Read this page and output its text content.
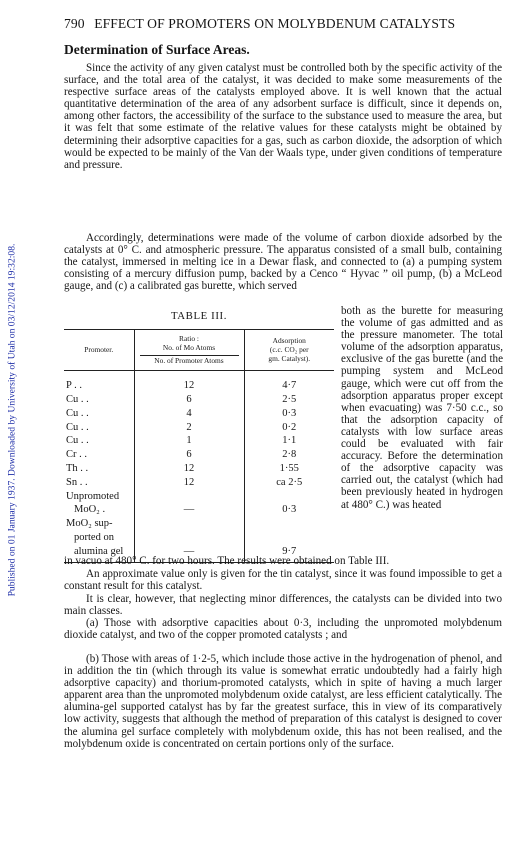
Published on 01 January 1937. Downloaded by University of Utah on 03/12/2014 19:32:08.
790 EFFECT OF PROMOTERS ON MOLYBDENUM CATALYSTS
Determination of Surface Areas.
Since the activity of any given catalyst must be controlled both by the specific activity of the surface, and the total area of the catalyst, it was decided to make some measurements of the respective surface areas of the catalysts employed above. It is well known that the actual quantitative determination of the area of any adsorbent surface is difficult, since it depends on, among other factors, the accessibility of the surface to the substance used to measure the area, but it was felt that some estimate of the relative values for these catalysts might be obtained by determining their adsorptive capacities for a gas, such as carbon dioxide, the adsorption of which would be expected to be mainly of the Van der Waals type, under given conditions of temperature and pressure.
Accordingly, determinations were made of the volume of carbon dioxide adsorbed by the catalysts at 0° C. and atmospheric pressure. The apparatus consisted of a small bulb, containing the catalyst, immersed in melting ice in a Dewar flask, and connected to (a) a pumping system consisting of a mercury diffusion pump, backed by a Cenco “ Hyvac ” oil pump, (b) a McLeod gauge, and (c) a calibrated gas burette, which served
TABLE III.
Promoter.	Ratio :
No. of Mo Atoms
No. of Promoter Atoms	Adsorption
(c.c. CO₂ per
gm. Catalyst).
P . .	12	4·7
Cu . .	6	2·5
Cu . .	4	0·3
Cu . .	2	0·2
Cu . .	1	1·1
Cr . .	6	2·8
Th . .	12	1·55
Sn . .	12	ca 2·5
Unpromoted		
MoO₂ .	—	0·3
MoO₂ sup-		
ported on		
alumina gel	—	9·7
both as the burette for measuring the volume of gas admitted and as the pressure manometer. The total volume of the adsorption apparatus, exclusive of the gas burette (and the pumping system and McLeod gauge, which were cut off from the adsorption apparatus proper except when evacuating) was 7·50 c.c., so that the adsorption capacity of catalysts with low surface areas could be evaluated with fair accuracy. Before the determination of the adsorptive capacity was carried out, the catalyst (which had been previously heated in hydrogen at 480° C.) was heated
in vacuo at 480° C. for two hours. The results were obtained on Table III.
An approximate value only is given for the tin catalyst, since it was found impossible to get a constant result for this catalyst.
It is clear, however, that neglecting minor differences, the catalysts can be divided into two main classes.
(a) Those with adsorptive capacities about 0·3, including the unpromoted molybdenum dioxide catalyst, and two of the copper promoted catalysts ; and
(b) Those with areas of 1·2-5, which include those active in the hydrogenation of phenol, and in addition the tin (which through its value is somewhat erratic undoubtedly had a fairly high adsorptive capacity) and thorium-promoted catalysts, which in spite of having a much larger apparent area than the unpromoted molybdenum oxide catalyst, are less efficient catalytically. The alumina-gel supported catalyst has by far the greatest surface, this in view of its comparatively low activity, suggests that although the method of preparation of this catalyst is designed to cover the alumina gel surface completely with molybdenum oxide, this has not been realised, and the molybdenum oxide is concentrated on certain portions only of the surface.
